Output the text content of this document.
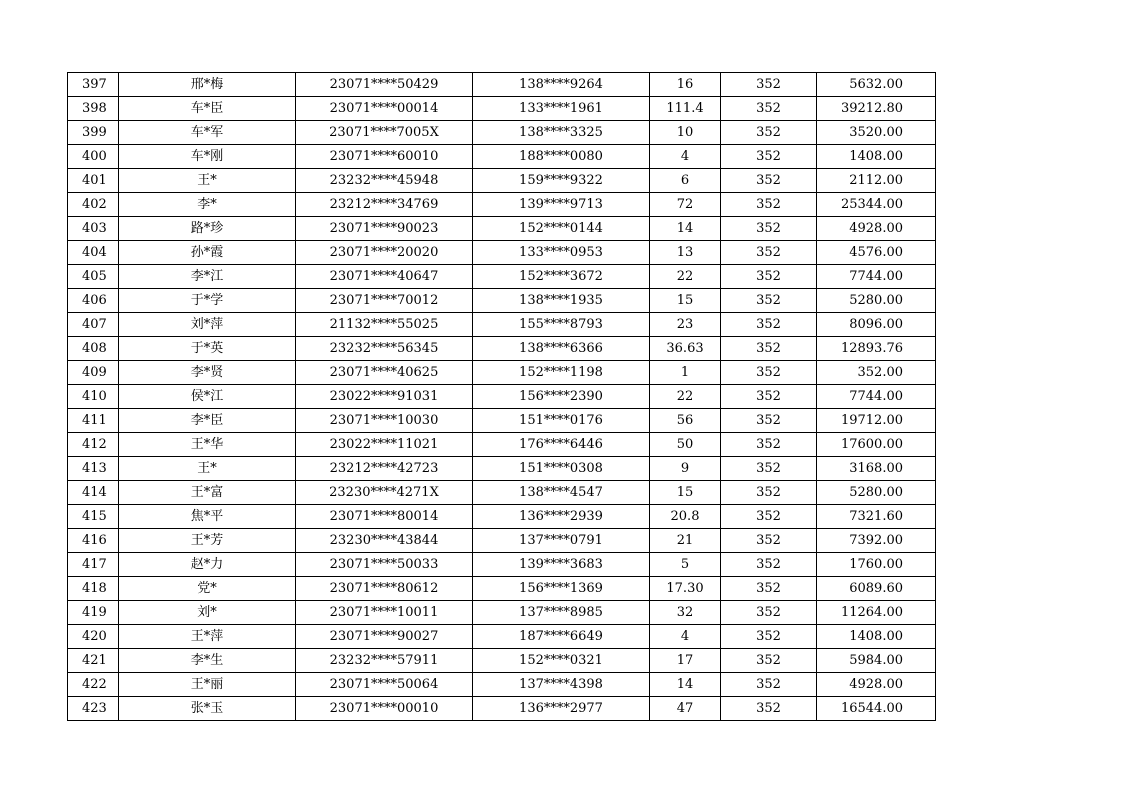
397	邢*梅	23071****50429	138****9264	16	352	5632.00
398	车*臣	23071****00014	133****1961	111.4	352	39212.80
399	车*军	23071****7005X	138****3325	10	352	3520.00
400	车*刚	23071****60010	188****0080	4	352	1408.00
401	王*	23232****45948	159****9322	6	352	2112.00
402	李*	23212****34769	139****9713	72	352	25344.00
403	路*珍	23071****90023	152****0144	14	352	4928.00
404	孙*霞	23071****20020	133****0953	13	352	4576.00
405	李*江	23071****40647	152****3672	22	352	7744.00
406	于*学	23071****70012	138****1935	15	352	5280.00
407	刘*萍	21132****55025	155****8793	23	352	8096.00
408	于*英	23232****56345	138****6366	36.63	352	12893.76
409	李*贤	23071****40625	152****1198	1	352	352.00
410	侯*江	23022****91031	156****2390	22	352	7744.00
411	李*臣	23071****10030	151****0176	56	352	19712.00
412	王*华	23022****11021	176****6446	50	352	17600.00
413	王*	23212****42723	151****0308	9	352	3168.00
414	王*富	23230****4271X	138****4547	15	352	5280.00
415	焦*平	23071****80014	136****2939	20.8	352	7321.60
416	王*芳	23230****43844	137****0791	21	352	7392.00
417	赵*力	23071****50033	139****3683	5	352	1760.00
418	党*	23071****80612	156****1369	17.30	352	6089.60
419	刘*	23071****10011	137****8985	32	352	11264.00
420	王*萍	23071****90027	187****6649	4	352	1408.00
421	李*生	23232****57911	152****0321	17	352	5984.00
422	王*丽	23071****50064	137****4398	14	352	4928.00
423	张*玉	23071****00010	136****2977	47	352	16544.00
